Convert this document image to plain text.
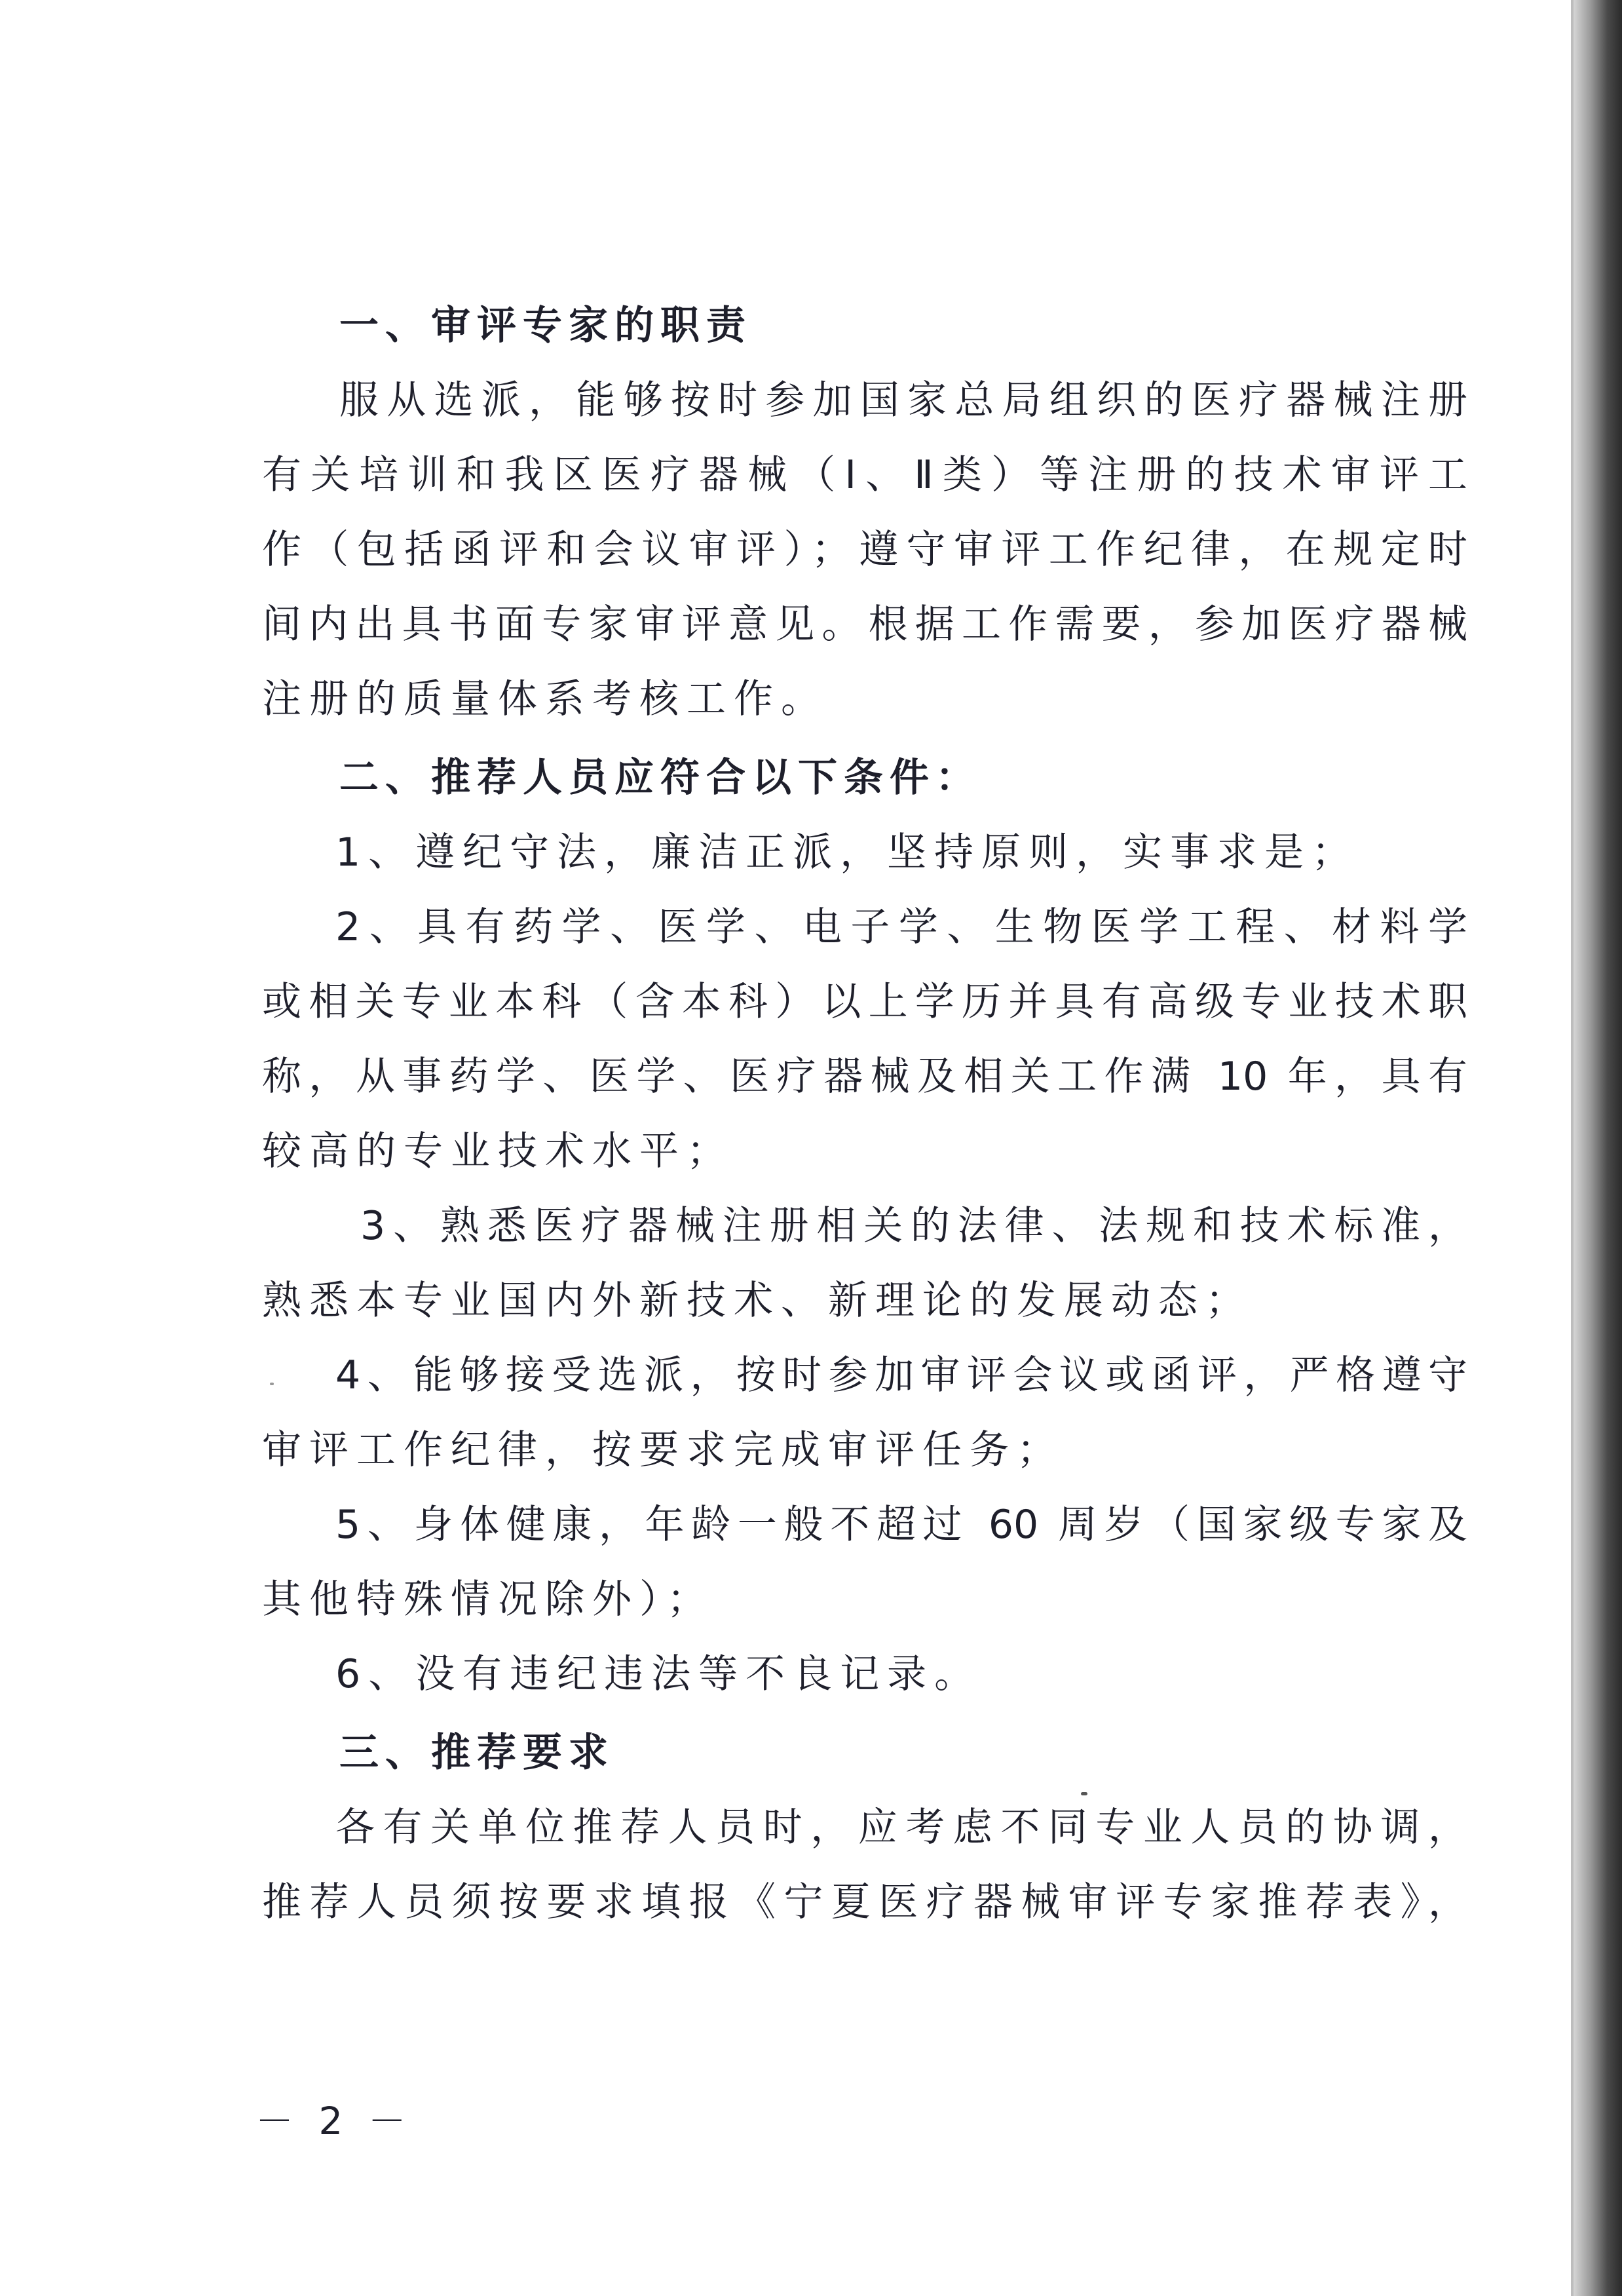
一、审评专家的职责
服从选派，能够按时参加国家总局组织的医疗器械注册
有关培训和我区医疗器械（Ⅰ、Ⅱ类）等注册的技术审评工
作（包括函评和会议审评）；遵守审评工作纪律，在规定时
间内出具书面专家审评意见。根据工作需要，参加医疗器械
注册的质量体系考核工作。
二、推荐人员应符合以下条件：
1、遵纪守法，廉洁正派，坚持原则，实事求是；
2、具有药学、医学、电子学、生物医学工程、材料学
或相关专业本科（含本科）以上学历并具有高级专业技术职
称，从事药学、医学、医疗器械及相关工作满 10 年，具有
较高的专业技术水平；
3、熟悉医疗器械注册相关的法律、法规和技术标准，
熟悉本专业国内外新技术、新理论的发展动态；
4、能够接受选派，按时参加审评会议或函评，严格遵守
审评工作纪律，按要求完成审评任务；
5、身体健康，年龄一般不超过 60 周岁（国家级专家及
其他特殊情况除外）；
6、没有违纪违法等不良记录。
三、推荐要求
各有关单位推荐人员时，应考虑不同专业人员的协调，
推荐人员须按要求填报《宁夏医疗器械审评专家推荐表》，
－ 2 －
